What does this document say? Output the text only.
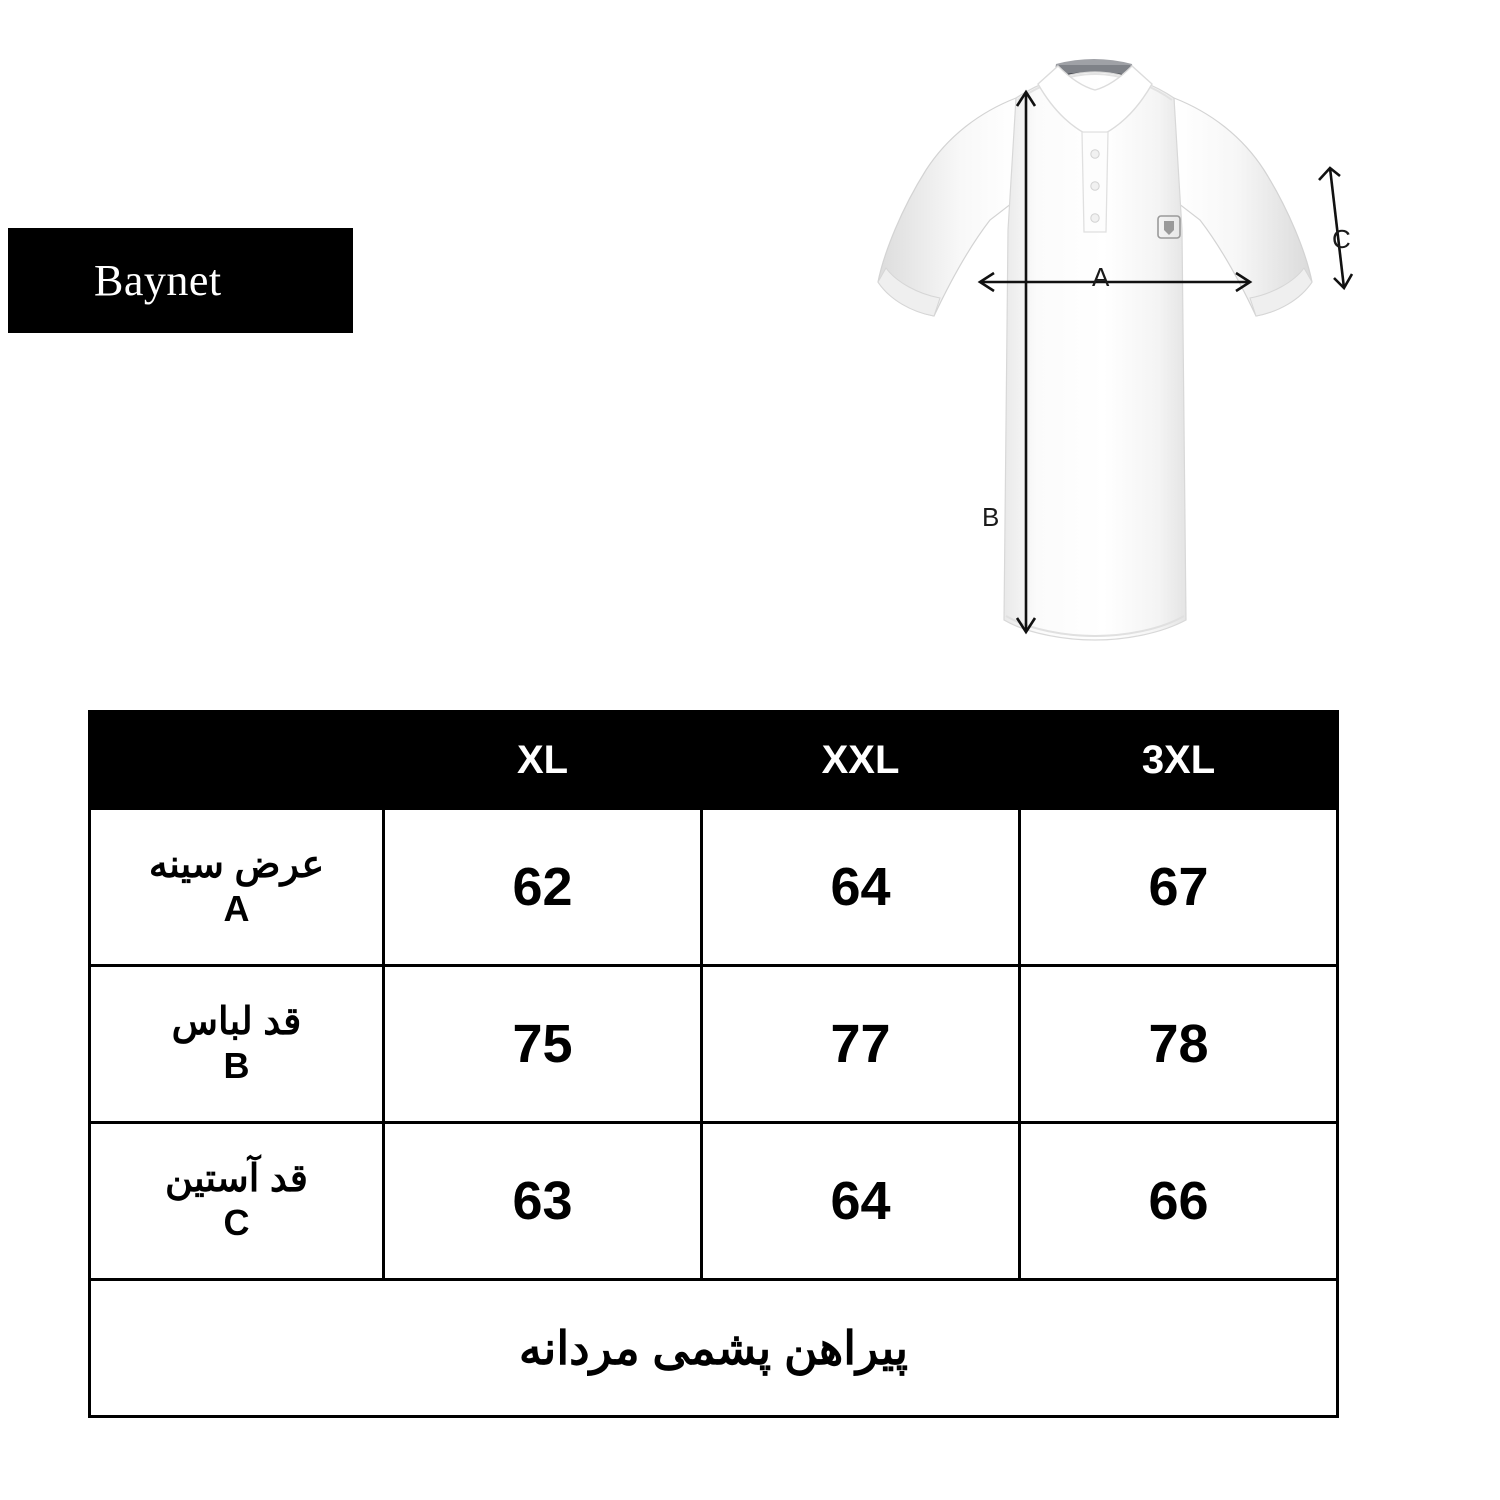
Baynet	A
B
C
3XL	XXL	XL	
67	64	62	عرض سینه
A

78	77	75	قد لباس
B

66	64	63	قد آستین
C

پیراهن پشمی مردانه			
